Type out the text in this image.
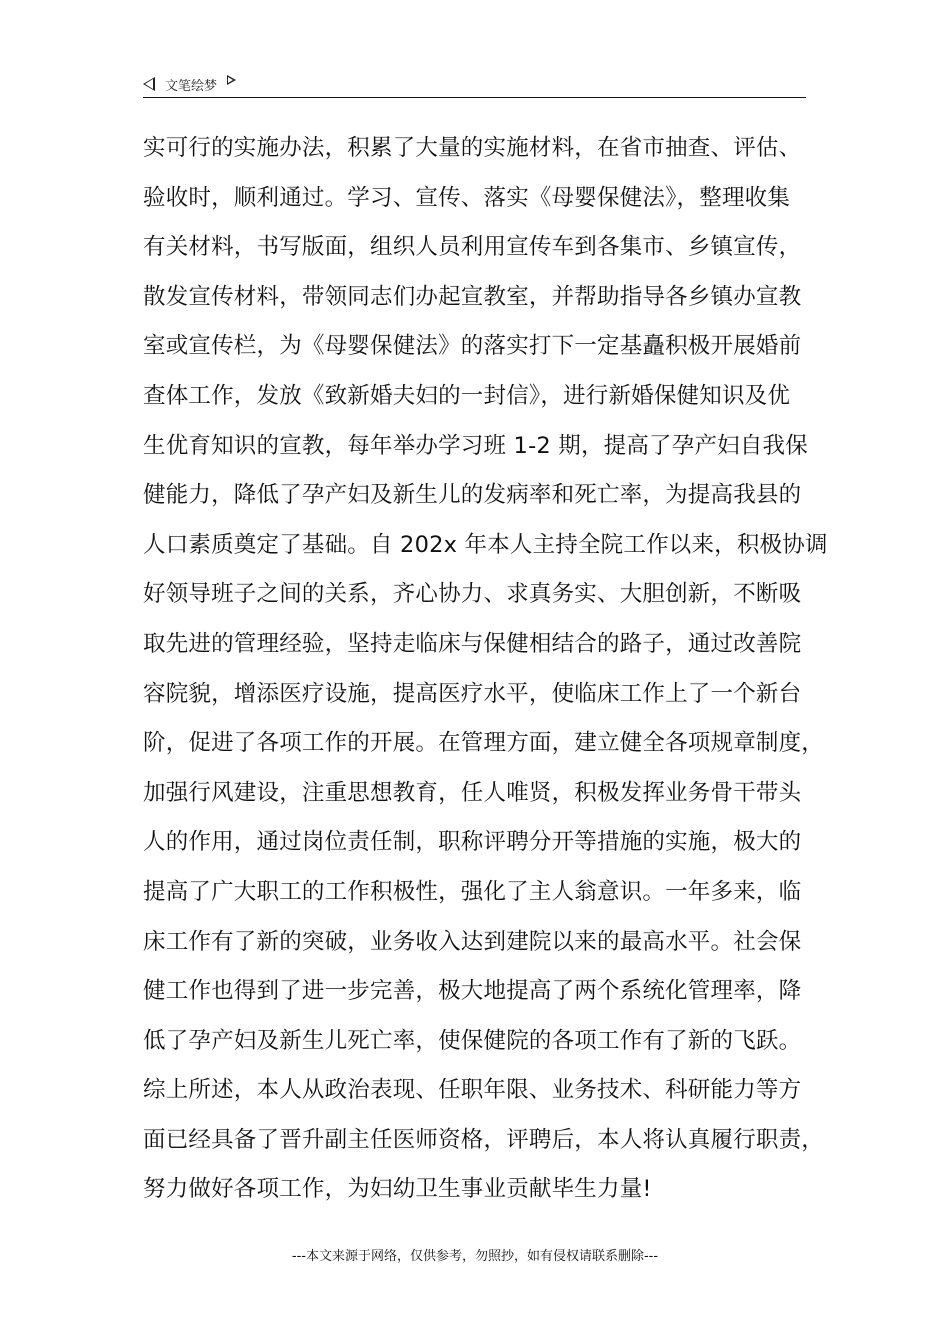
文笔绘梦
实可行的实施办法，积累了大量的实施材料，在省市抽查、评估、
验收时，顺利通过。学习、宣传、落实《母婴保健法》，整理收集
有关材料，书写版面，组织人员利用宣传车到各集市、乡镇宣传，
散发宣传材料，带领同志们办起宣教室，并帮助指导各乡镇办宣教
室或宣传栏，为《母婴保健法》的落实打下一定基矗积极开展婚前
查体工作，发放《致新婚夫妇的一封信》，进行新婚保健知识及优
生优育知识的宣教，每年举办学习班 1-2 期，提高了孕产妇自我保
健能力，降低了孕产妇及新生儿的发病率和死亡率，为提高我县的
人口素质奠定了基础。自 202x 年本人主持全院工作以来，积极协调
好领导班子之间的关系，齐心协力、求真务实、大胆创新，不断吸
取先进的管理经验，坚持走临床与保健相结合的路子，通过改善院
容院貌，增添医疗设施，提高医疗水平，使临床工作上了一个新台
阶，促进了各项工作的开展。在管理方面，建立健全各项规章制度，
加强行风建设，注重思想教育，任人唯贤，积极发挥业务骨干带头
人的作用，通过岗位责任制，职称评聘分开等措施的实施，极大的
提高了广大职工的工作积极性，强化了主人翁意识。一年多来，临
床工作有了新的突破，业务收入达到建院以来的最高水平。社会保
健工作也得到了进一步完善，极大地提高了两个系统化管理率，降
低了孕产妇及新生儿死亡率，使保健院的各项工作有了新的飞跃。
综上所述，本人从政治表现、任职年限、业务技术、科研能力等方
面已经具备了晋升副主任医师资格，评聘后，本人将认真履行职责，
努力做好各项工作，为妇幼卫生事业贡献毕生力量!
---本文来源于网络，仅供参考，勿照抄，如有侵权请联系删除---
